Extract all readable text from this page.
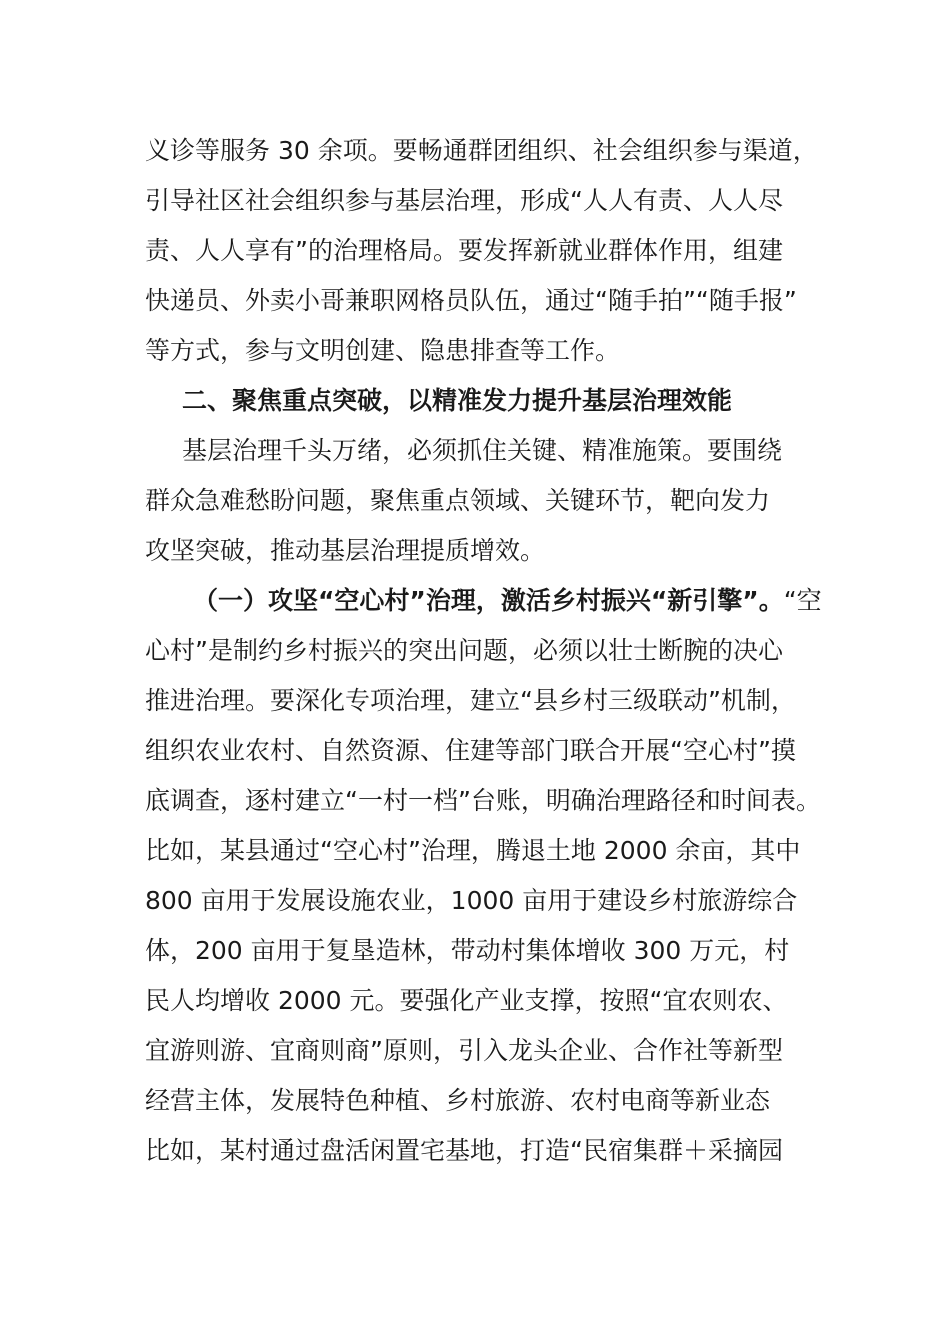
义诊等服务 30 余项。要畅通群团组织、社会组织参与渠道，
引导社区社会组织参与基层治理，形成“人人有责、人人尽
责、人人享有”的治理格局。要发挥新就业群体作用，组建
快递员、外卖小哥兼职网格员队伍，通过“随手拍”“随手报”
等方式，参与文明创建、隐患排查等工作。
二、聚焦重点突破，以精准发力提升基层治理效能
基层治理千头万绪，必须抓住关键、精准施策。要围绕
群众急难愁盼问题，聚焦重点领域、关键环节，靶向发力
攻坚突破，推动基层治理提质增效。
（一）攻坚“空心村”治理，激活乡村振兴“新引擎”。“空
心村”是制约乡村振兴的突出问题，必须以壮士断腕的决心
推进治理。要深化专项治理，建立“县乡村三级联动”机制，
组织农业农村、自然资源、住建等部门联合开展“空心村”摸
底调查，逐村建立“一村一档”台账，明确治理路径和时间表。
比如，某县通过“空心村”治理，腾退土地 2000 余亩，其中
800 亩用于发展设施农业，1000 亩用于建设乡村旅游综合
体，200 亩用于复垦造林，带动村集体增收 300 万元，村
民人均增收 2000 元。要强化产业支撑，按照“宜农则农、
宜游则游、宜商则商”原则，引入龙头企业、合作社等新型
经营主体，发展特色种植、乡村旅游、农村电商等新业态
比如，某村通过盘活闲置宅基地，打造“民宿集群＋采摘园
